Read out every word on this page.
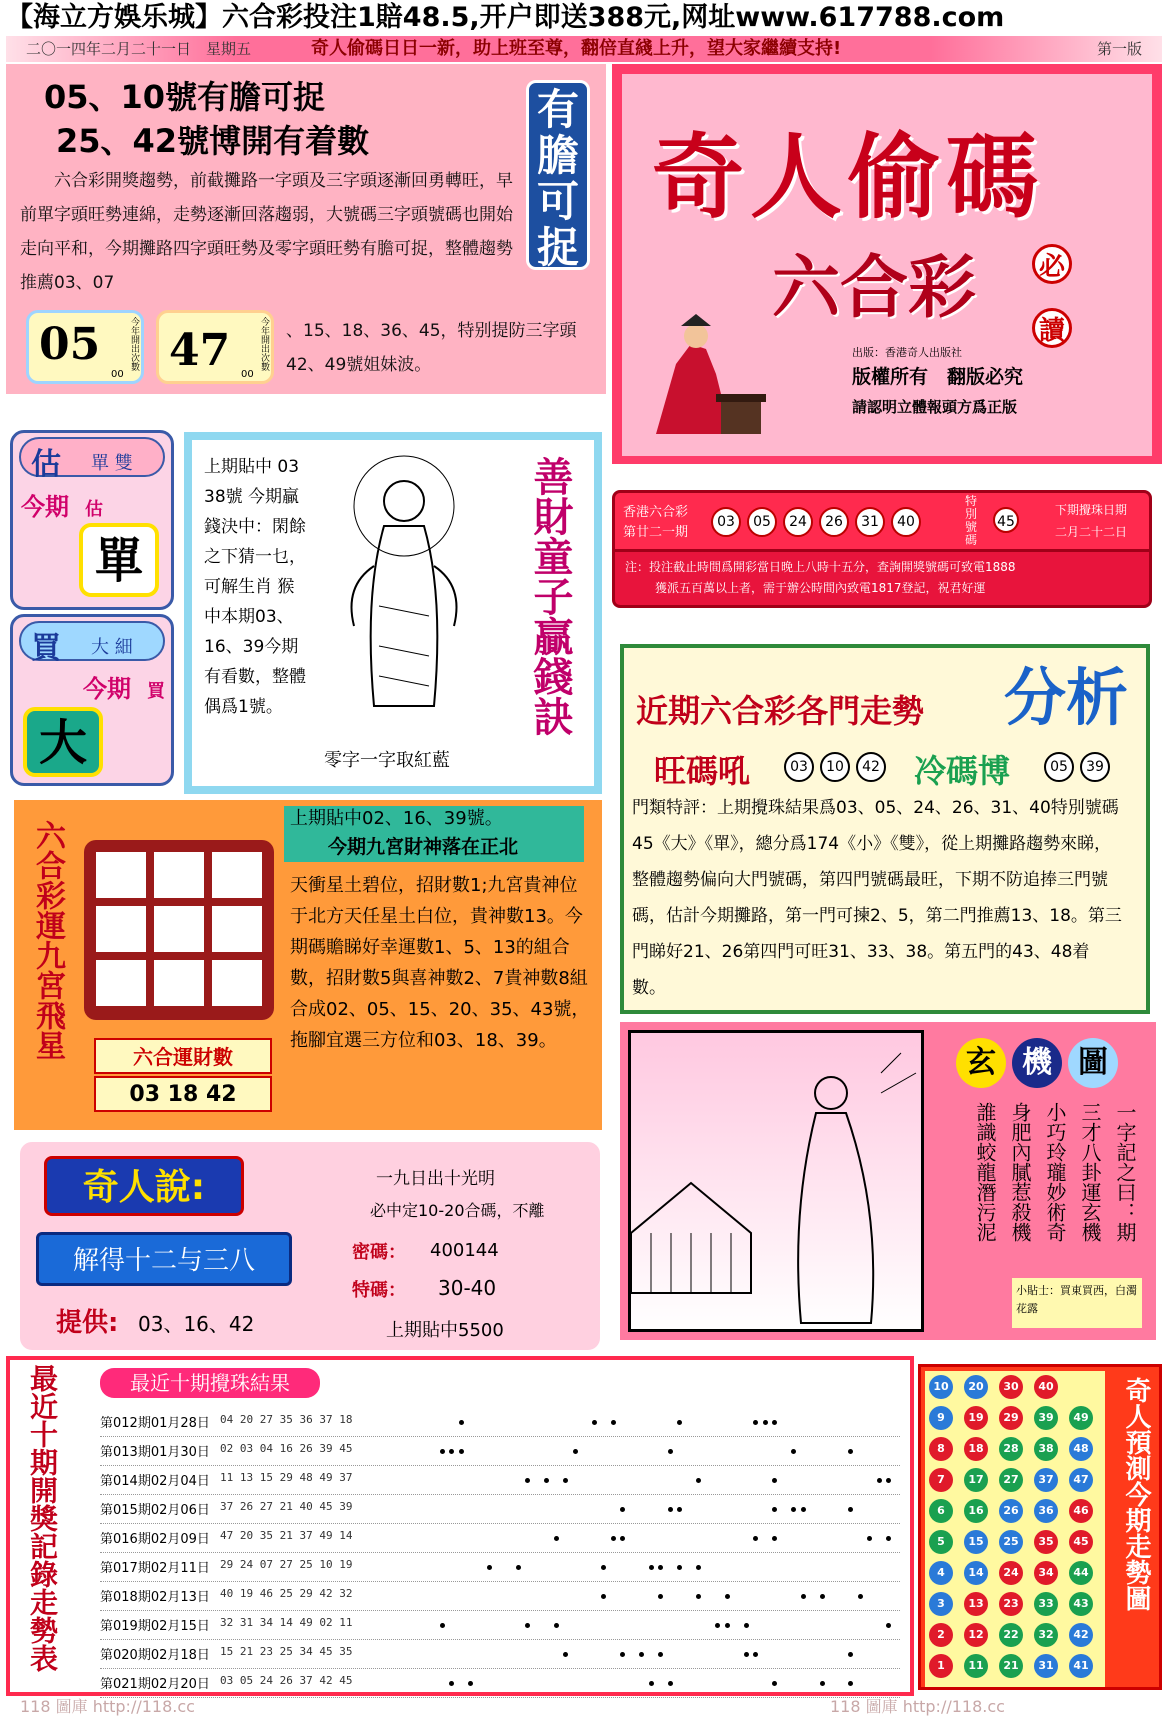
【海立方娛乐城】六合彩投注1賠48.5,开户即送388元,网址www.617788.com
二〇一四年二月二十一日　星期五	奇人偷碼日日一新，助上班至尊，翻倍直綫上升，望大家繼續支持!	第一版
05、10號有膽可捉
25、42號博開有着數
六合彩開獎趨勢，前截攤路一字頭及三字頭逐漸回勇轉旺，早前單字頭旺勢連綿，走勢逐漸回落趨弱，大號碼三字頭號碼也開始走向平和，今期攤路四字頭旺勢及零字頭旺勢有膽可捉，整體趨勢推薦03、07
有膽可捉
05	今年開出次數
00 47	今年開出次數
00
、15、18、36、45，特别提防三字頭42、49號姐妹波。
奇人偷碼
六合彩 必
讀
出版：香港奇人出版社
版權所有　翻版必究
請認明立體報頭方爲正版
估 單 雙
今期 估
單
買 大 細
今期 買
大
上期貼中 03 38號 今期贏錢決中：閑餘之下猜一乜，可解生肖 猴 中本期03、16、39今期有看數，整體偶爲1號。	善財童子贏錢訣
零字一字取紅藍
香港六合彩
第廿二一期
03 05 24 26 31 40
特別號碼
45
下期攪珠日期
二月二十二日
注：投注截止時間爲開彩當日晚上八時十五分，查詢開獎號碼可致電1888
獲派五百萬以上者，需于辦公時間內致電1817登記，祝君好運
近期六合彩各門走勢 分析
旺碼吼	03 10 42	冷碼博	05 39
門類特評：上期攪珠結果爲03、05、24、26、31、40特別號碼45《大》《單》，總分爲174《小》《雙》，從上期攤路趨勢來睇，整體趨勢偏向大門號碼，第四門號碼最旺，下期不防追捧三門號碼，估計今期攤路，第一門可揀2、5，第二門推薦13、18。第三門睇好21、26第四門可旺31、33、38。第五門的43、48着數。
六合彩運九宮飛星	六合運財數
03 18 42
上期貼中02、16、39號。
今期九宮財神落在正北
天衝星土碧位，招財數1;九宮貴神位于北方天任星土白位，貴神數13。今期碼贍睇好幸運數1、5、13的組合數，招財數5與喜神數2、7貴神數8組合成02、05、15、20、35、43號，拖腳宜選三方位和03、18、39。
奇人說:
解得十二与三八
提供: 03、16、42
一九日出十光明
必中定10-20合碼，不離
密碼： 400144
特碼： 30-40
上期貼中5500
玄 機 圖
一字記之曰：期
三才八卦運玄機
小巧玲瓏妙術奇
身肥內膩惹殺機
誰識蛟龍潛污泥
小貼士：買東買西，白濁花露
最近十期開獎記錄走勢表	最近十期攪珠結果
第012期01月28日 04 20 27 35 36 37 18
第013期01月30日 02 03 04 16 26 39 45
第014期02月04日 11 13 15 29 48 49 37
第015期02月06日 37 26 27 21 40 45 39
第016期02月09日 47 20 35 21 37 49 14
第017期02月11日 29 24 07 27 25 10 19
第018期02月13日 40 19 46 25 29 42 32
第019期02月15日 32 31 34 14 49 02 11
第020期02月18日 15 21 23 25 34 45 35
第021期02月20日 03 05 24 26 37 42 45
10	20	30	40
9	19	29	39	49
8	18	28	38	48
7	17	27	37	47
6	16	26	36	46
5	15	25	35	45
4	14	24	34	44
3	13	23	33	43
2	12	22	32	42
1	11	21	31	41
奇人預測今期走勢圖
118 圖庫 http://118.cc	118 圖庫 http://118.cc
